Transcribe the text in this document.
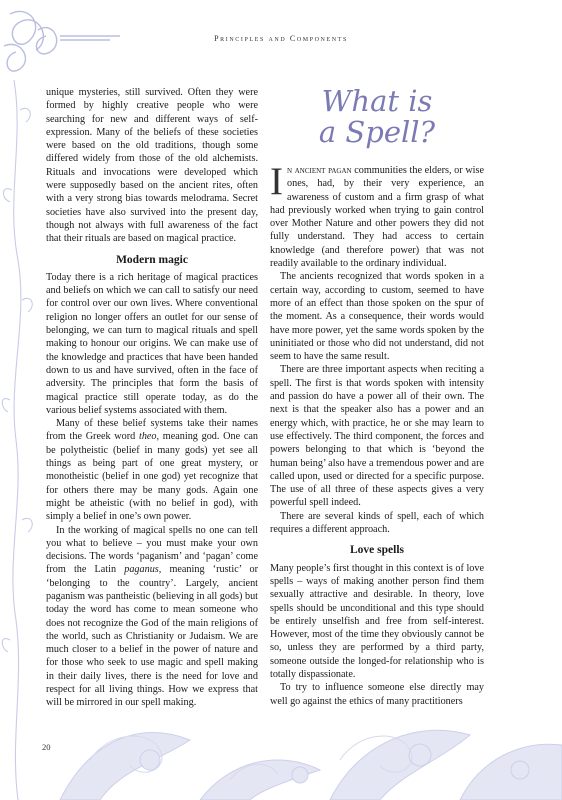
Principles and Components

unique mysteries, still survived. Often they were formed by highly creative people who were searching for new and different ways of self-expression. Many of the beliefs of these societies were based on the old traditions, though some differed widely from those of the old alchemists. Rituals and invocations were developed which were supposedly based on the ancient rites, often with a very strong bias towards melodrama. Secret societies have also survived into the present day, though not always with full awareness of the fact that their rituals are based on magical practice.

Modern magic

Today there is a rich heritage of magical practices and beliefs on which we can call to satisfy our need for control over our own lives. Where conventional religion no longer offers an outlet for our sense of belonging, we can turn to magical rituals and spell making to honour our origins. We can make use of the knowledge and practices that have been handed down to us and have survived, often in the face of adversity. The principles that form the basis of magical practice still operate today, as do the various belief systems associated with them.

Many of these belief systems take their names from the Greek word theo, meaning god. One can be polytheistic (belief in many gods) yet see all things as being part of one great mystery, or monotheistic (belief in one god) yet recognize that for others there may be many gods. Again one might be atheistic (with no belief in god), with simply a belief in one’s own power.

In the working of magical spells no one can tell you what to believe – you must make your own decisions. The words ‘paganism’ and ‘pagan’ come from the Latin paganus, meaning ‘rustic’ or ‘belonging to the country’. Largely, ancient paganism was pantheistic (believing in all gods) but today the word has come to mean someone who does not recognize the God of the main religions of the world, such as Christianity or Judaism. We are much closer to a belief in the power of nature and for those who seek to use magic and spell making in their daily lives, there is the need for love and respect for all living things. How we express that will be mirrored in our spell making.

What is
a Spell?

In ancient pagan communities the elders, or wise ones, had, by their very experience, an awareness of custom and a firm grasp of what had previously worked when trying to gain control over Mother Nature and other powers they did not fully understand. They had access to certain knowledge (and therefore power) that was not readily available to the ordinary individual.

The ancients recognized that words spoken in a certain way, according to custom, seemed to have more of an effect than those spoken on the spur of the moment. As a consequence, their words would have more power, yet the same words spoken by the uninitiated or those who did not understand, did not seem to have the same result.

There are three important aspects when reciting a spell. The first is that words spoken with intensity and passion do have a power all of their own. The next is that the speaker also has a power and an energy which, with practice, he or she may learn to use effectively. The third component, the forces and powers belonging to that which is ‘beyond the human being’ also have a tremendous power and are called upon, used or directed for a specific purpose. The use of all three of these aspects gives a very powerful spell indeed.

There are several kinds of spell, each of which requires a different approach.

Love spells

Many people’s first thought in this context is of love spells – ways of making another person find them sexually attractive and desirable. In theory, love spells should be unconditional and this type should be entirely unselfish and free from self-interest. However, most of the time they obviously cannot be so, unless they are performed by a third party, someone outside the longed-for relationship who is totally dispassionate.

To try to influence someone else directly may well go against the ethics of many practitioners

20
